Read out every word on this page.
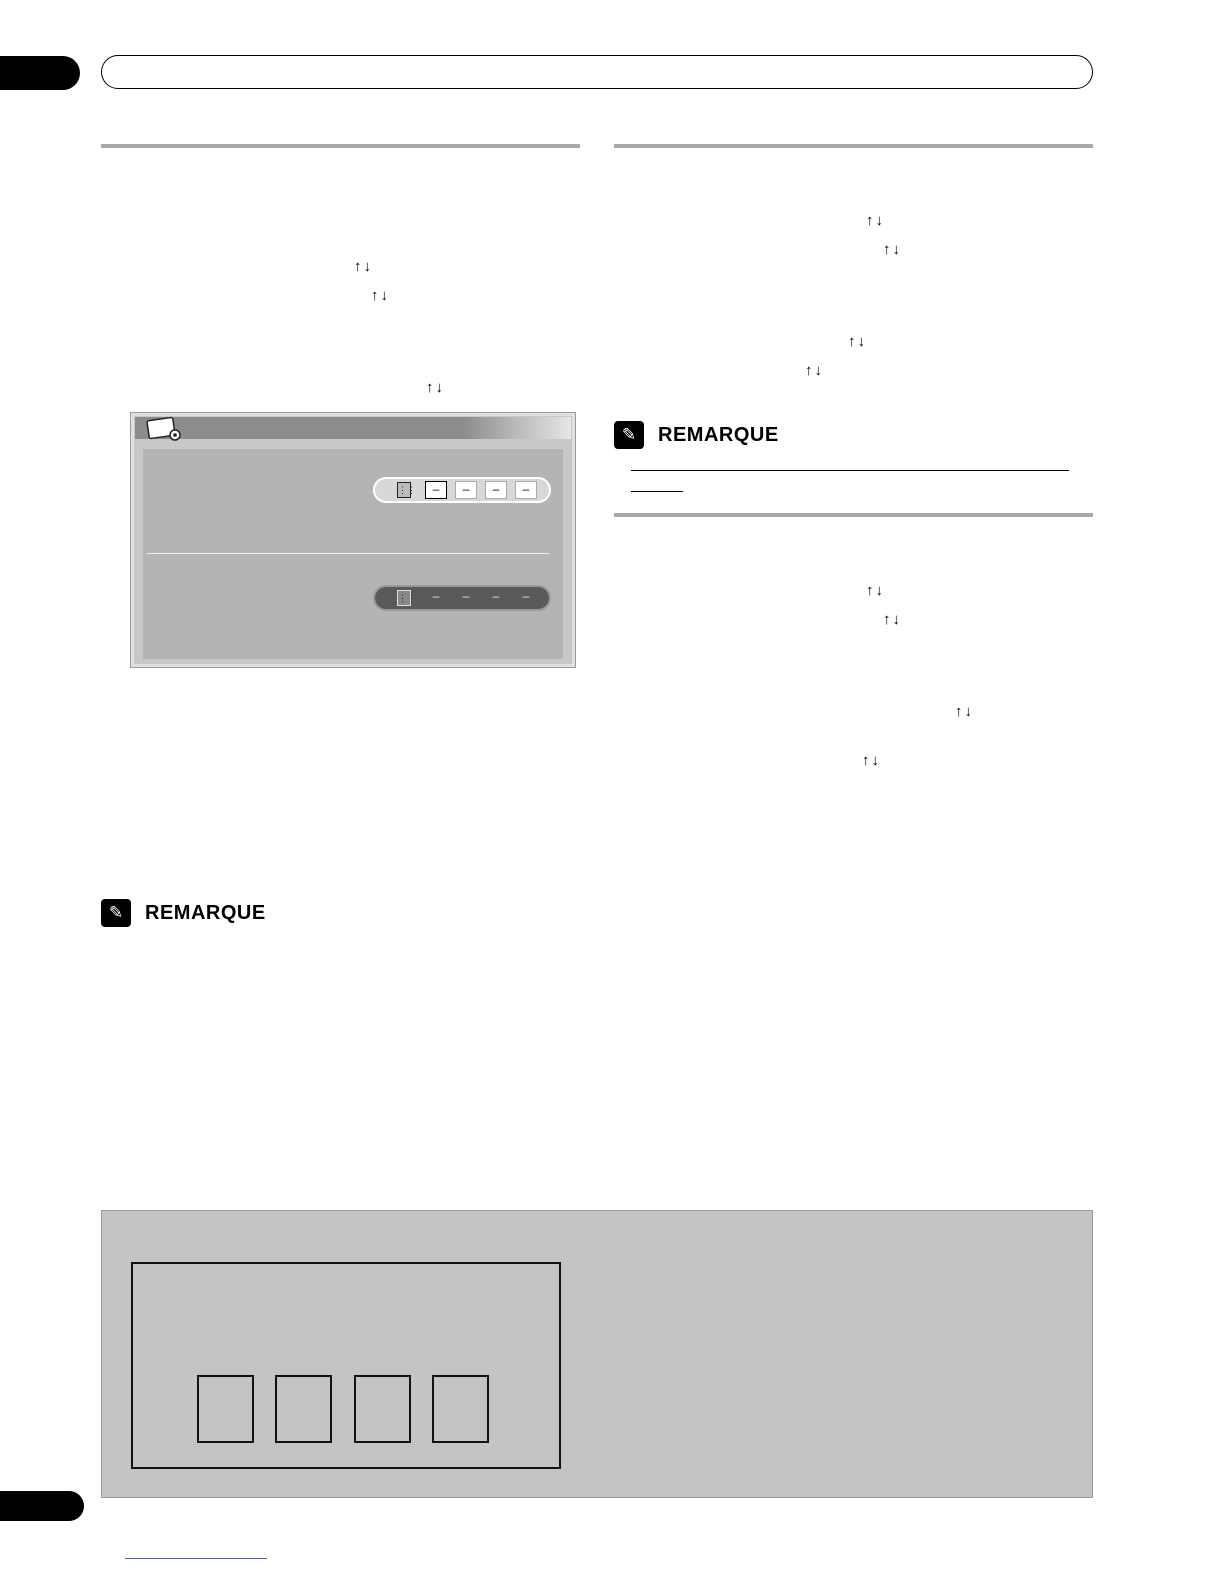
↑↓
↑↓
↑↓
⋮⋮	–	–	–	–
⋮⋮	–	–	–	–
✎	REMARQUE
↑↓
↑↓
↑↓
↑↓
✎	REMARQUE
↑↓
↑↓
↑↓
↑↓
